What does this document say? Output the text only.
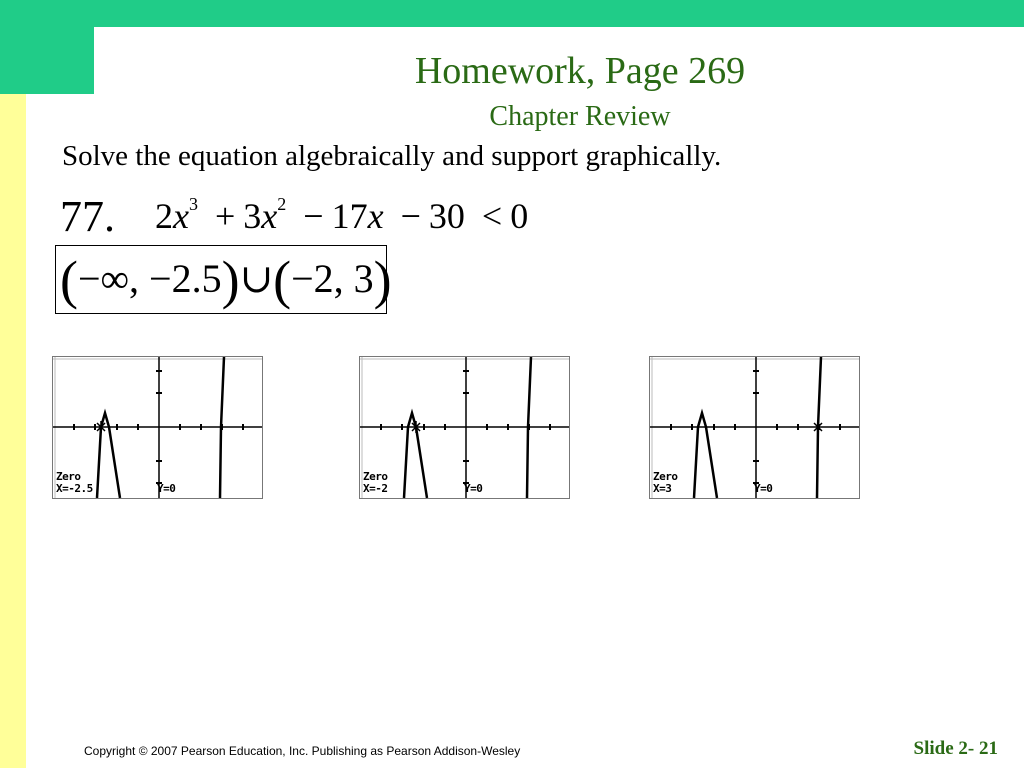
Homework, Page 269
Chapter Review
Solve the equation algebraically and support graphically.
77. $2x^3 + 3x^2 - 17x - 30 < 0$
(−∞, −2.5)∪(−2, 3)
Zero
X=-2.5	Y=0
Zero
X=-2	Y=0
Zero
X=3	Y=0
Copyright © 2007 Pearson Education, Inc. Publishing as Pearson Addison-Wesley	Slide 2- 21
